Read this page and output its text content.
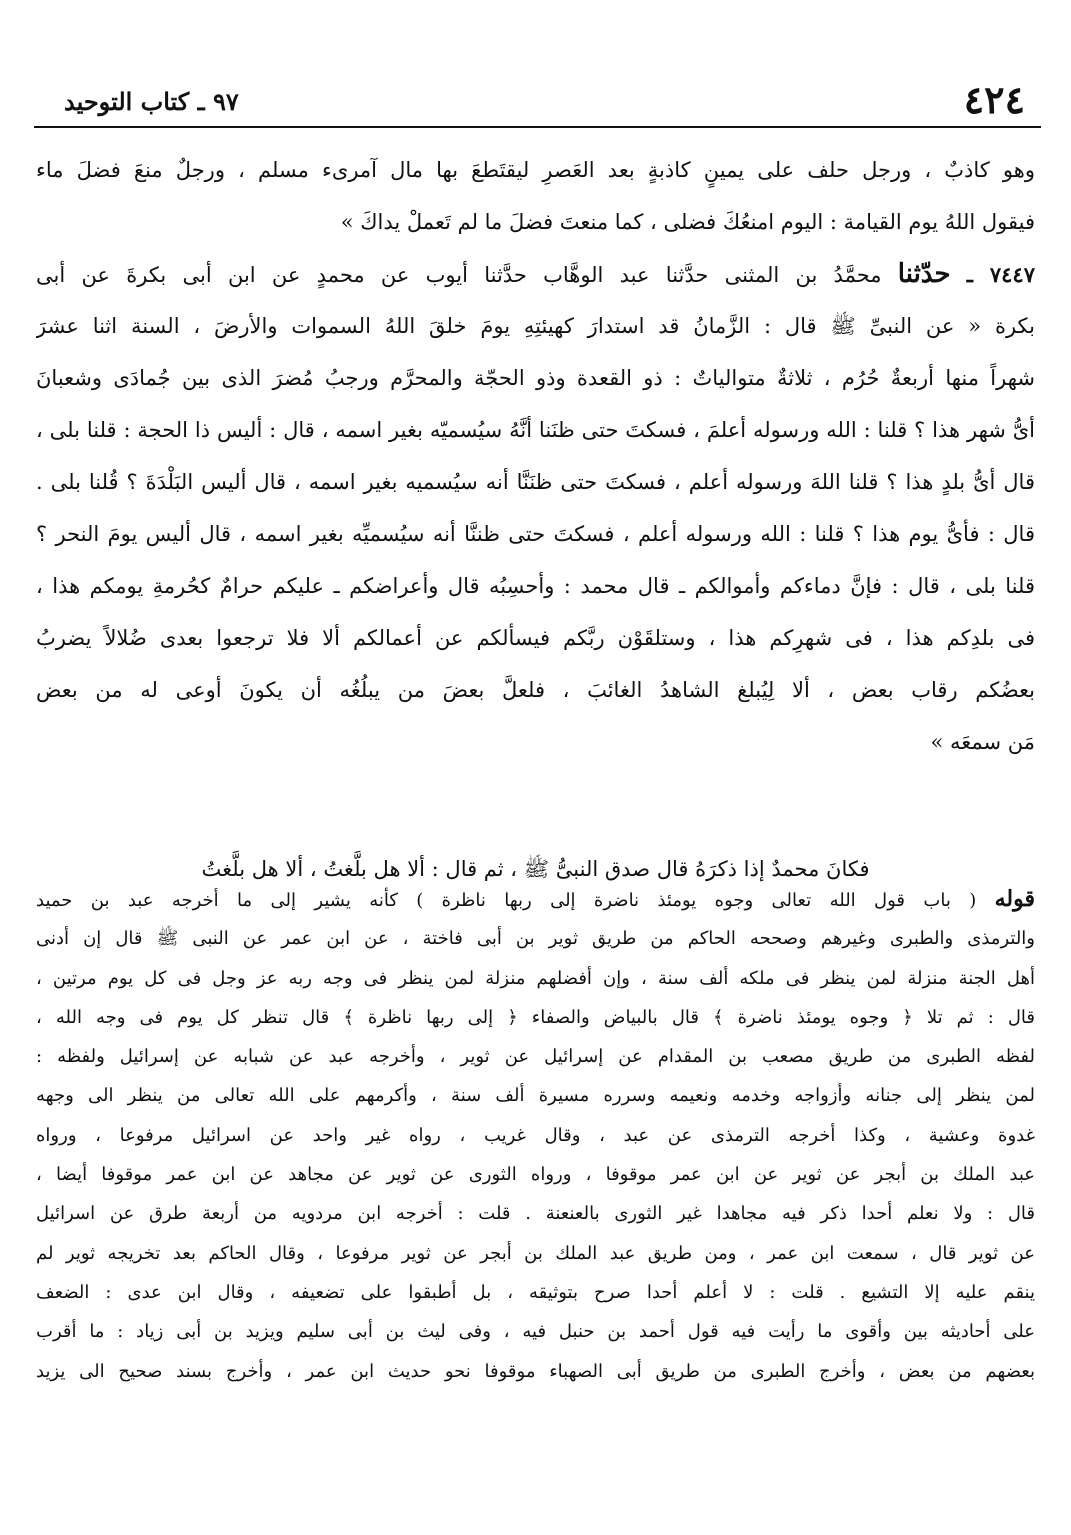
٤٢٤
٩٧ ـ كتاب التوحيد
وهو كاذبٌ ، ورجل حلف على يمينٍ كاذبةٍ بعد العَصرِ ليقتَطعَ بها مال آمرىء مسلم ، ورجلٌ منعَ فضلَ ماء
فيقول اللهُ يوم القيامة : اليوم امنعُكَ فضلى ، كما منعتَ فضلَ ما لم تَعملْ يداكَ »
٧٤٤٧ ـ حدّثنا محمَّدُ بن المثنى حدَّثنا عبد الوهَّاب حدَّثنا أيوب عن محمدٍ عن ابن أبى بكرةَ عن أبى
بكرة « عن النبىِّ ﷺ قال : الزَّمانُ قد استدارَ كهيئتِهِ يومَ خلقَ اللهُ السموات والأرضَ ، السنة اثنا عشرَ
شهراً منها أربعةٌ حُرُم ، ثلاثةٌ متوالياتٌ : ذو القعدة وذو الحجّة والمحرَّم ورجبُ مُضرَ الذى بين جُمادَى وشعبانَ
أىُّ شهر هذا ؟ قلنا : الله ورسوله أعلمَ ، فسكتَ حتى ظنَنا أنَّهُ سيُسميّه بغير اسمه ، قال : أليس ذا الحجة : قلنا بلى ،
قال أىُّ بلدٍ هذا ؟ قلنا اللهَ ورسوله أعلم ، فسكتَ حتى ظنَنَّا أنه سيُسميه بغير اسمه ، قال أليس البَلْدَةَ ؟ قُلنا بلى .
قال : فأىُّ يوم هذا ؟ قلنا : الله ورسوله أعلم ، فسكتَ حتى ظننَّا أنه سيُسميِّه بغير اسمه ، قال أليس يومَ النحر ؟
قلنا بلى ، قال : فإنَّ دماءكم وأموالكم ـ قال محمد : وأحسِبُه قال وأعراضكم ـ عليكم حرامٌ كحُرمةِ يومكم هذا ،
فى بلدِكم هذا ، فى شهرِكم هذا ، وستلقَوْن ربَّكم فيسألكم عن أعمالكم ألا فلا ترجعوا بعدى ضُلالاً يضربُ
بعضُكم رقاب بعض ، ألا لِيُبلغ الشاهدُ الغائبَ ، فلعلَّ بعضَ من يبلُغُه أن يكونَ أوعى له من بعض
مَن سمعَه »
فكانَ محمدٌ إذا ذكرَهُ قال صدق النبىُّ ﷺ ، ثم قال : ألا هل بلَّغتُ ، ألا هل بلَّغتُ
قوله ( باب قول الله تعالى وجوه يومئذ ناضرة إلى ربها ناظرة ) كأنه يشير إلى ما أخرجه عبد بن حميد
والترمذى والطبرى وغيرهم وصححه الحاكم من طريق ثوير بن أبى فاختة ، عن ابن عمر عن النبى ﷺ قال إن أدنى
أهل الجنة منزلة لمن ينظر فى ملكه ألف سنة ، وإن أفضلهم منزلة لمن ينظر فى وجه ربه عز وجل فى كل يوم مرتين ،
قال : ثم تلا ﴿ وجوه يومئذ ناضرة ﴾ قال بالبياض والصفاء ﴿ إلى ربها ناظرة ﴾ قال تنظر كل يوم فى وجه الله ،
لفظه الطبرى من طريق مصعب بن المقدام عن إسرائيل عن ثوير ، وأخرجه عبد عن شبابه عن إسرائيل ولفظه :
لمن ينظر إلى جنانه وأزواجه وخدمه ونعيمه وسرره مسيرة ألف سنة ، وأكرمهم على الله تعالى من ينظر الى وجهه
غدوة وعشية ، وكذا أخرجه الترمذى عن عبد ، وقال غريب ، رواه غير واحد عن اسرائيل مرفوعا ، ورواه
عبد الملك بن أبجر عن ثوير عن ابن عمر موقوفا ، ورواه الثورى عن ثوير عن مجاهد عن ابن عمر موقوفا أيضا ،
قال : ولا نعلم أحدا ذكر فيه مجاهدا غير الثورى بالعنعنة . قلت : أخرجه ابن مردويه من أربعة طرق عن اسرائيل
عن ثوير قال ، سمعت ابن عمر ، ومن طريق عبد الملك بن أبجر عن ثوير مرفوعا ، وقال الحاكم بعد تخريجه ثوير لم
ينقم عليه إلا التشيع . قلت : لا أعلم أحدا صرح بتوثيقه ، بل أطبقوا على تضعيفه ، وقال ابن عدى : الضعف
على أحاديثه بين وأقوى ما رأيت فيه قول أحمد بن حنبل فيه ، وفى ليث بن أبى سليم ويزيد بن أبى زياد : ما أقرب
بعضهم من بعض ، وأخرج الطبرى من طريق أبى الصهباء موقوفا نحو حديث ابن عمر ، وأخرج بسند صحيح الى يزيد
